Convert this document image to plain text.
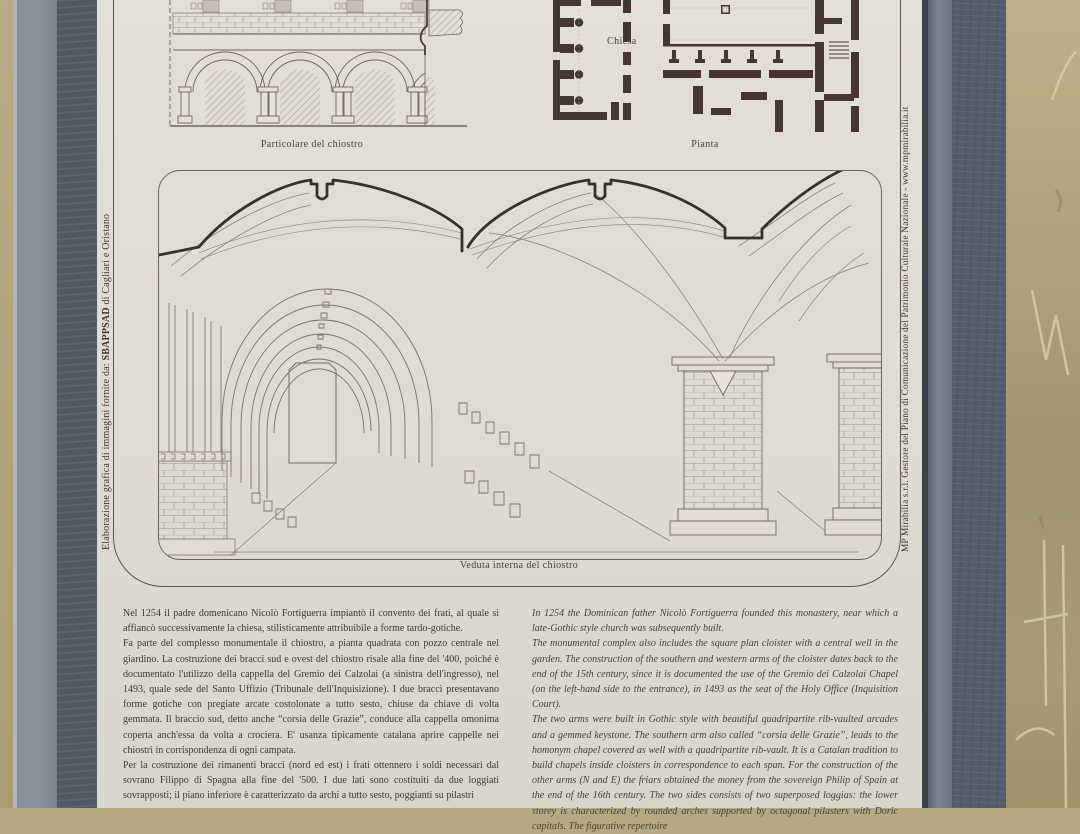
Elaborazione grafica di immagini fornite da: SBAPPSAD di Cagliari e Oristano	MP Mirabilia s.r.l. Gestore del Piano di Comunicazione del Patrimonio Culturale Nazionale - www.mpmirabilia.it
Particolare del chiostro
Chiesa
Pianta
Veduta interna del chiostro

Nel 1254 il padre domenicano Nicolò Fortiguerra impiantò il convento dei frati, al quale si affiancò successivamente la chiesa, stilisticamente attribuibile a forme tardo-gotiche.

Fa parte del complesso monumentale il chiostro, a pianta quadrata con pozzo centrale nel giardino. La costruzione dei bracci sud e ovest del chiostro risale alla fine del '400, poiché è documentato l'utilizzo della cappella del Gremio dei Calzolai (a sinistra dell'ingresso), nel 1493, quale sede del Santo Uffizio (Tribunale dell'Inquisizione). I due bracci presentavano forme gotiche con pregiate arcate costolonate a tutto sesto, chiuse da chiave di volta gemmata. Il braccio sud, detto anche “corsia delle Grazie”, conduce alla cappella omonima coperta anch'essa da volta a crociera. E' usanza tipicamente catalana aprire cappelle nei chiostri in corrispondenza di ogni campata.

Per la costruzione dei rimanenti bracci (nord ed est) i frati ottennero i soldi necessari dal sovrano Filippo di Spagna alla fine del '500. I due lati sono costituiti da due loggiati sovrapposti; il piano inferiore è caratterizzato da archi a tutto sesto, poggianti su pilastri

In 1254 the Dominican father Nicolò Fortiguerra founded this monastery, near which a late-Gothic style church was subsequently built.

The monumental complex also includes the square plan cloister with a central well in the garden. The construction of the southern and western arms of the cloister dates back to the end of the 15th century, since it is documented the use of the Gremio dei Calzolai Chapel (on the left-hand side to the entrance), in 1493 as the seat of the Holy Office (Inquisition Court).

The two arms were built in Gothic style with beautiful quadripartite rib-vaulted arcades and a gemmed keystone. The southern arm also called “corsia delle Grazie”, leads to the homonym chapel covered as well with a quadripartite rib-vault. It is a Catalan tradition to build chapels inside cloisters in correspondence to each span. For the construction of the other arms (N and E) the friars obtained the money from the sovereign Philip of Spain at the end of the 16th century. The two sides consists of two superposed loggias: the lower storey is characterized by rounded arches supported by octagonal pilasters with Doric capitals. The figurative repertoire
